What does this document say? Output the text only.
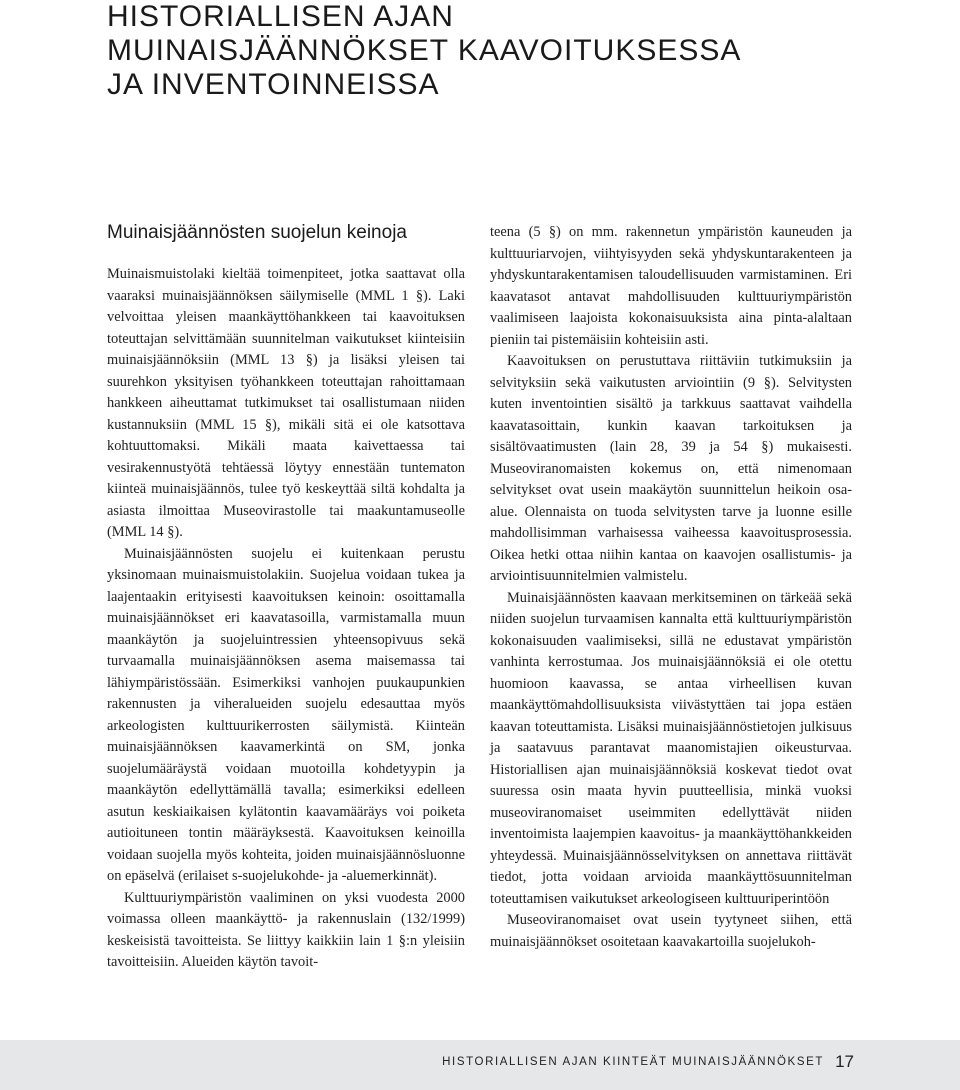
HISTORIALLISEN AJAN
MUINAISJÄÄNNÖKSET KAAVOITUKSESSA
JA INVENTOINNEISSA
Muinaisjäännösten suojelun keinoja

Muinaismuistolaki kieltää toimenpiteet, jotka saattavat olla vaaraksi muinaisjäännöksen säilymiselle (MML 1 §). Laki velvoittaa yleisen maankäyttöhankkeen tai kaavoituksen toteuttajan selvittämään suunnitelman vaikutukset kiinteisiin muinaisjäännöksiin (MML 13 §) ja lisäksi yleisen tai suurehkon yksityisen työhankkeen toteuttajan rahoittamaan hankkeen aiheuttamat tutkimukset tai osallistumaan niiden kustannuksiin (MML 15 §), mikäli sitä ei ole katsottava kohtuuttomaksi. Mikäli maata kaivettaessa tai vesirakennustyötä tehtäessä löytyy ennestään tuntematon kiinteä muinaisjäännös, tulee työ keskeyttää siltä kohdalta ja asiasta ilmoittaa Museovirastolle tai maakuntamuseolle (MML 14 §).

Muinaisjäännösten suojelu ei kuitenkaan perustu yksinomaan muinaismuistolakiin. Suojelua voidaan tukea ja laajentaakin erityisesti kaavoituksen keinoin: osoittamalla muinaisjäännökset eri kaavatasoilla, varmistamalla muun maankäytön ja suojeluintressien yhteensopivuus sekä turvaamalla muinaisjäännöksen asema maisemassa tai lähiympäristössään. Esimerkiksi vanhojen puukaupunkien rakennusten ja viheralueiden suojelu edesauttaa myös arkeologisten kulttuurikerrosten säilymistä. Kiinteän muinaisjäännöksen kaavamerkintä on SM, jonka suojelumääräystä voidaan muotoilla kohdetyypin ja maankäytön edellyttämällä tavalla; esimerkiksi edelleen asutun keskiaikaisen kylätontin kaavamääräys voi poiketa autioituneen tontin määräyksestä. Kaavoituksen keinoilla voidaan suojella myös kohteita, joiden muinaisjäännösluonne on epäselvä (erilaiset s-suojelukohde- ja -aluemerkinnät).

Kulttuuriympäristön vaaliminen on yksi vuodesta 2000 voimassa olleen maankäyttö- ja rakennuslain (132/1999) keskeisistä tavoitteista. Se liittyy kaikkiin lain 1 §:n yleisiin tavoitteisiin. Alueiden käytön tavoit-

teena (5 §) on mm. rakennetun ympäristön kauneuden ja kulttuuriarvojen, viihtyisyyden sekä yhdyskuntarakenteen ja yhdyskuntarakentamisen taloudellisuuden varmistaminen. Eri kaavatasot antavat mahdollisuuden kulttuuriympäristön vaalimiseen laajoista kokonaisuuksista aina pinta-alaltaan pieniin tai pistemäisiin kohteisiin asti.

Kaavoituksen on perustuttava riittäviin tutkimuksiin ja selvityksiin sekä vaikutusten arviointiin (9 §). Selvitysten kuten inventointien sisältö ja tarkkuus saattavat vaihdella kaavatasoittain, kunkin kaavan tarkoituksen ja sisältövaatimusten (lain 28, 39 ja 54 §) mukaisesti. Museoviranomaisten kokemus on, että nimenomaan selvitykset ovat usein maakäytön suunnittelun heikoin osa-alue. Olennaista on tuoda selvitysten tarve ja luonne esille mahdollisimman varhaisessa vaiheessa kaavoitusprosessia. Oikea hetki ottaa niihin kantaa on kaavojen osallistumis- ja arviointisuunnitelmien valmistelu.

Muinaisjäännösten kaavaan merkitseminen on tärkeää sekä niiden suojelun turvaamisen kannalta että kulttuuriympäristön kokonaisuuden vaalimiseksi, sillä ne edustavat ympäristön vanhinta kerrostumaa. Jos muinaisjäännöksiä ei ole otettu huomioon kaavassa, se antaa virheellisen kuvan maankäyttömahdollisuuksista viivästyttäen tai jopa estäen kaavan toteuttamista. Lisäksi muinaisjäännöstietojen julkisuus ja saatavuus parantavat maanomistajien oikeusturvaa. Historiallisen ajan muinaisjäännöksiä koskevat tiedot ovat suuressa osin maata hyvin puutteellisia, minkä vuoksi museoviranomaiset useimmiten edellyttävät niiden inventoimista laajempien kaavoitus- ja maankäyttöhankkeiden yhteydessä. Muinaisjäännösselvityksen on annettava riittävät tiedot, jotta voidaan arvioida maankäyttösuunnitelman toteuttamisen vaikutukset arkeologiseen kulttuuriperintöön

Museoviranomaiset ovat usein tyytyneet siihen, että muinaisjäännökset osoitetaan kaavakartoilla suojelukoh-

HISTORIALLISEN AJAN KIINTEÄT MUINAISJÄÄNNÖKSET 17
